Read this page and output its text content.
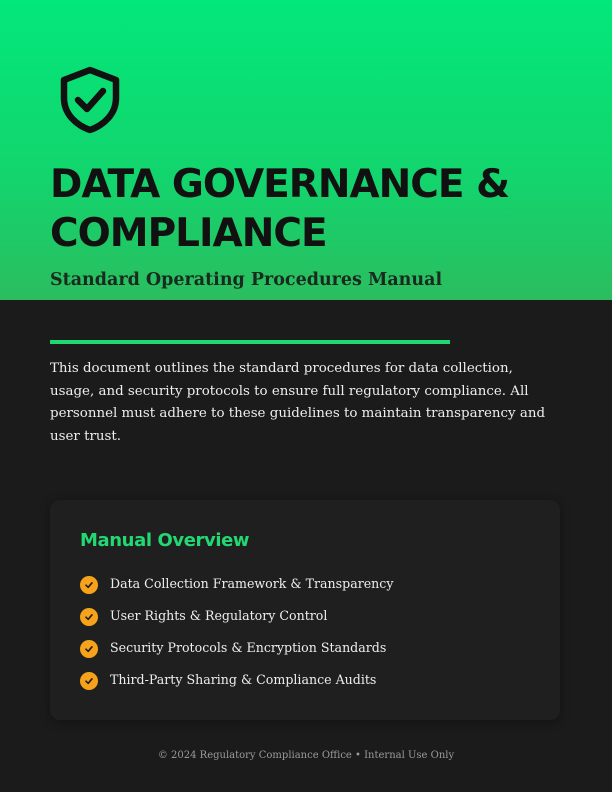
DATA GOVERNANCE & COMPLIANCE
Standard Operating Procedures Manual

This document outlines the standard procedures for data collection, usage, and security protocols to ensure full regulatory compliance. All personnel must adhere to these guidelines to maintain transparency and user trust.

Manual Overview
Data Collection Framework & Transparency
User Rights & Regulatory Control
Security Protocols & Encryption Standards
Third-Party Sharing & Compliance Audits
© 2024 Regulatory Compliance Office • Internal Use Only
